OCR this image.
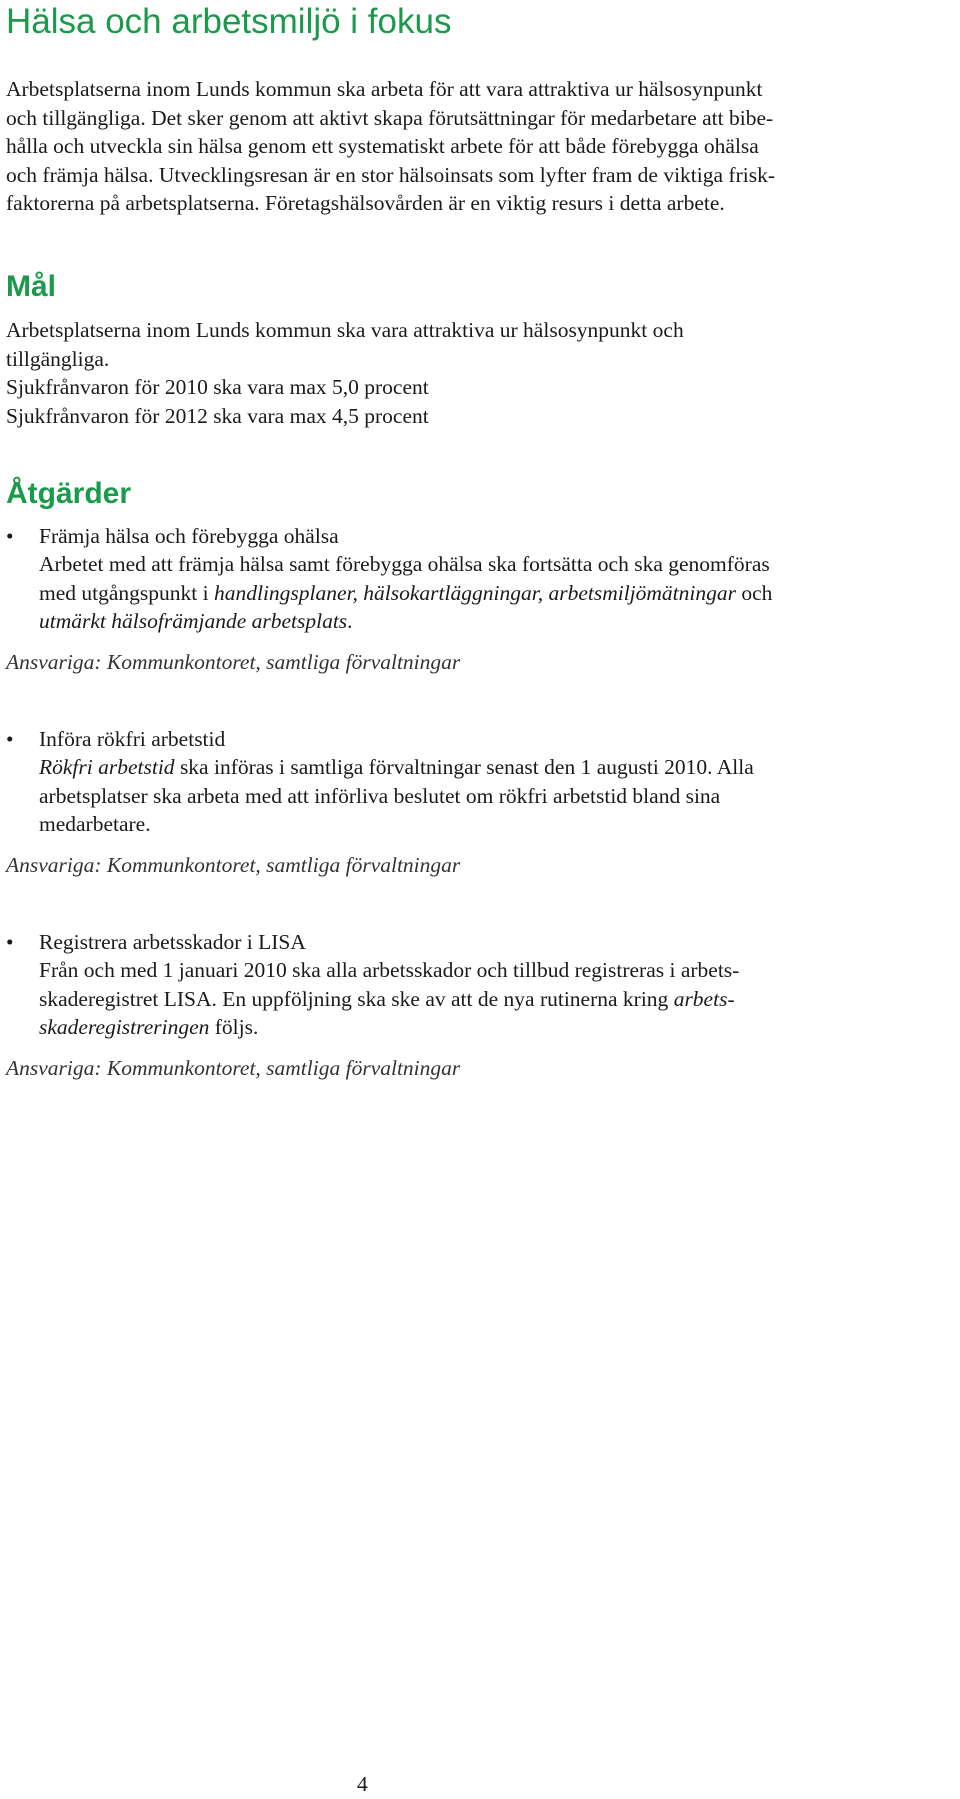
Hälsa och arbetsmiljö i fokus
Arbetsplatserna inom Lunds kommun ska arbeta för att vara attraktiva ur hälsosynpunkt
och tillgängliga. Det sker genom att aktivt skapa förutsättningar för medarbetare att bibe-
hålla och utveckla sin hälsa genom ett systematiskt arbete för att både förebygga ohälsa
och främja hälsa. Utvecklingsresan är en stor hälsoinsats som lyfter fram de viktiga frisk-
faktorerna på arbetsplatserna. Företagshälsovården är en viktig resurs i detta arbete.
Mål
Arbetsplatserna inom Lunds kommun ska vara attraktiva ur hälsosynpunkt och
tillgängliga.
Sjukfrånvaron för 2010 ska vara max 5,0 procent
Sjukfrånvaron för 2012 ska vara max 4,5 procent
Åtgärder
• Främja hälsa och förebygga ohälsa
Arbetet med att främja hälsa samt förebygga ohälsa ska fortsätta och ska genomföras
med utgångspunkt i handlingsplaner, hälsokartläggningar, arbetsmiljömätningar och
utmärkt hälsofrämjande arbetsplats.
Ansvariga: Kommunkontoret, samtliga förvaltningar
• Införa rökfri arbetstid
Rökfri arbetstid ska införas i samtliga förvaltningar senast den 1 augusti 2010. Alla
arbetsplatser ska arbeta med att införliva beslutet om rökfri arbetstid bland sina
medarbetare.
Ansvariga: Kommunkontoret, samtliga förvaltningar
• Registrera arbetsskador i LISA
Från och med 1 januari 2010 ska alla arbetsskador och tillbud registreras i arbets-
skaderegistret LISA. En uppföljning ska ske av att de nya rutinerna kring arbets-
skaderegistreringen följs.
Ansvariga: Kommunkontoret, samtliga förvaltningar
4
